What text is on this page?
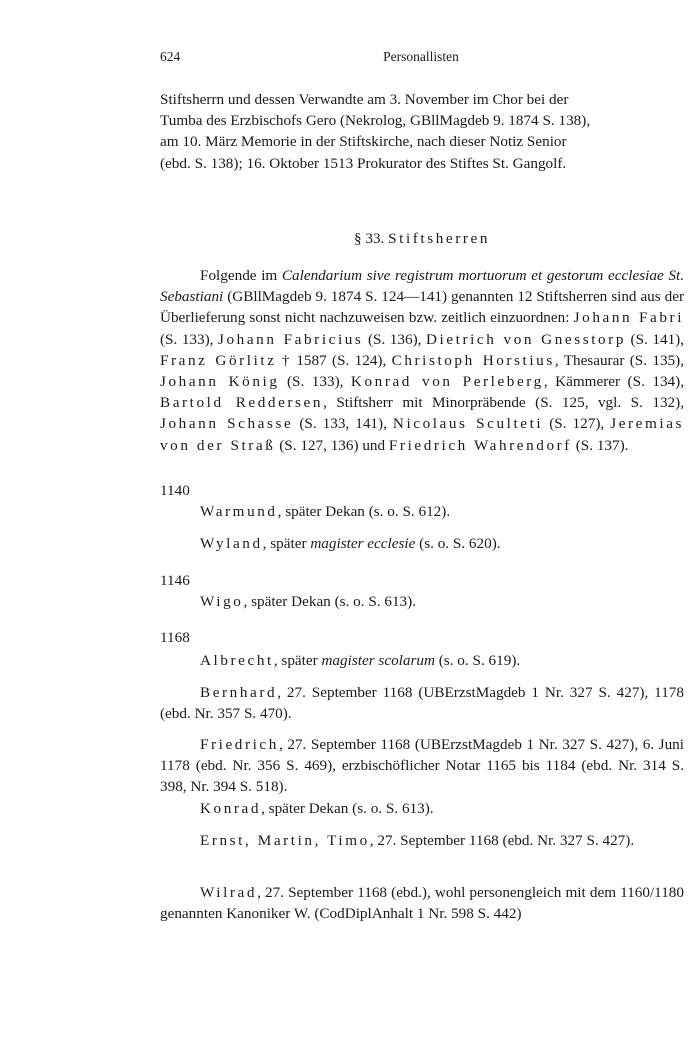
624	Personallisten
Stiftsherrn und dessen Verwandte am 3. November im Chor bei der
Tumba des Erzbischofs Gero (Nekrolog, GBllMagdeb 9. 1874 S. 138),
am 10. März Memorie in der Stiftskirche, nach dieser Notiz Senior
(ebd. S. 138); 16. Oktober 1513 Prokurator des Stiftes St. Gangolf.
§ 33. Stiftsherren
Folgende im Calendarium sive registrum mortuorum et gestorum ecclesiae St. Sebastiani (GBllMagdeb 9. 1874 S. 124—141) genannten 12 Stiftsherren sind aus der Überlieferung sonst nicht nachzuweisen bzw. zeitlich einzuordnen: Johann Fabri (S. 133), Johann Fabricius (S. 136), Dietrich von Gnesstorp (S. 141), Franz Görlitz † 1587 (S. 124), Christoph Horstius, Thesaurar (S. 135), Johann König (S. 133), Konrad von Perleberg, Kämmerer (S. 134), Bartold Reddersen, Stiftsherr mit Minorpräbende (S. 125, vgl. S. 132), Johann Schasse (S. 133, 141), Nicolaus Sculteti (S. 127), Jeremias von der Straß (S. 127, 136) und Friedrich Wahrendorf (S. 137).
1140
Warmund, später Dekan (s. o. S. 612).
Wyland, später magister ecclesie (s. o. S. 620).
1146
Wigo, später Dekan (s. o. S. 613).
1168
Albrecht, später magister scolarum (s. o. S. 619).
Bernhard, 27. September 1168 (UBErzstMagdeb 1 Nr. 327 S. 427), 1178 (ebd. Nr. 357 S. 470).
Friedrich, 27. September 1168 (UBErzstMagdeb 1 Nr. 327 S. 427), 6. Juni 1178 (ebd. Nr. 356 S. 469), erzbischöflicher Notar 1165 bis 1184 (ebd. Nr. 314 S. 398, Nr. 394 S. 518).
Konrad, später Dekan (s. o. S. 613).
Ernst, Martin, Timo, 27. September 1168 (ebd. Nr. 327 S. 427).
Wilrad, 27. September 1168 (ebd.), wohl personengleich mit dem 1160/1180 genannten Kanoniker W. (CodDiplAnhalt 1 Nr. 598 S. 442)
